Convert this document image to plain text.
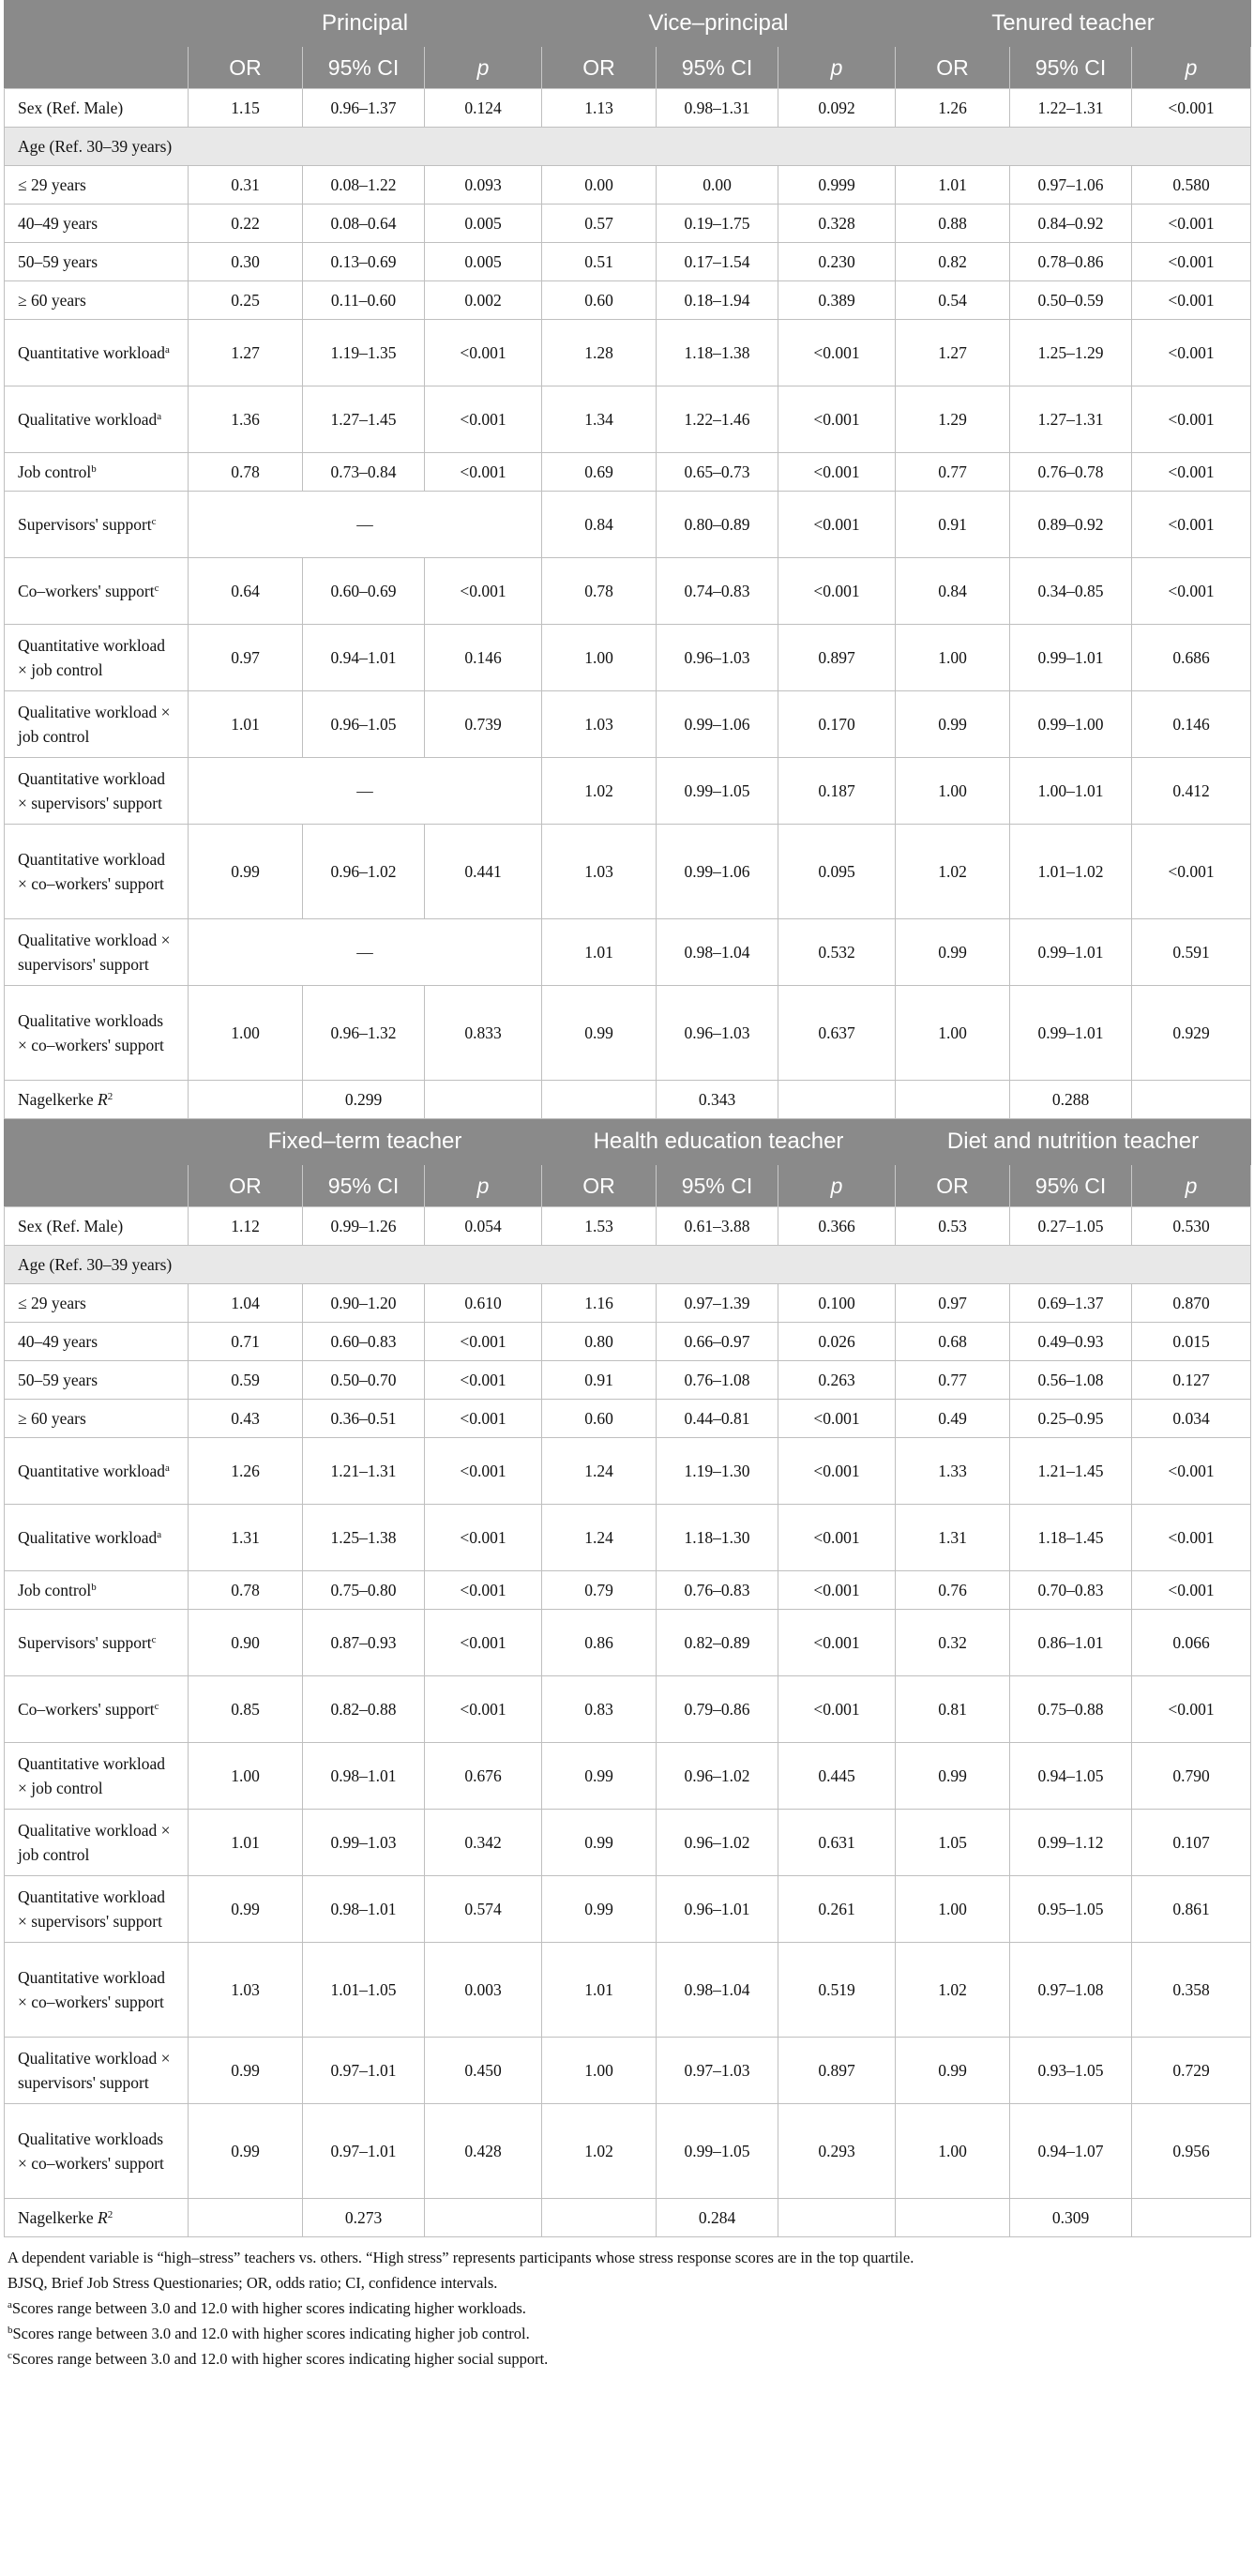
	Principal			Vice–principal			Tenured teacher		
	OR	95% CI	p	OR	95% CI	p	OR	95% CI	p
Sex (Ref. Male)	1.15	0.96–1.37	0.124	1.13	0.98–1.31	0.092	1.26	1.22–1.31	<0.001
Age (Ref. 30–39 years)									
≤ 29 years	0.31	0.08–1.22	0.093	0.00	0.00	0.999	1.01	0.97–1.06	0.580
40–49 years	0.22	0.08–0.64	0.005	0.57	0.19–1.75	0.328	0.88	0.84–0.92	<0.001
50–59 years	0.30	0.13–0.69	0.005	0.51	0.17–1.54	0.230	0.82	0.78–0.86	<0.001
≥ 60 years	0.25	0.11–0.60	0.002	0.60	0.18–1.94	0.389	0.54	0.50–0.59	<0.001
Quantitative workload$^a$	1.27	1.19–1.35	<0.001	1.28	1.18–1.38	<0.001	1.27	1.25–1.29	<0.001
Qualitative workload$^a$	1.36	1.27–1.45	<0.001	1.34	1.22–1.46	<0.001	1.29	1.27–1.31	<0.001
Job control$^b$	0.78	0.73–0.84	<0.001	0.69	0.65–0.73	<0.001	0.77	0.76–0.78	<0.001
Supervisors' support$^c$	—			0.84	0.80–0.89	<0.001	0.91	0.89–0.92	<0.001
Co–workers' support$^c$	0.64	0.60–0.69	<0.001	0.78	0.74–0.83	<0.001	0.84	0.34–0.85	<0.001
Quantitative workload × job control	0.97	0.94–1.01	0.146	1.00	0.96–1.03	0.897	1.00	0.99–1.01	0.686
Qualitative workload × job control	1.01	0.96–1.05	0.739	1.03	0.99–1.06	0.170	0.99	0.99–1.00	0.146
Quantitative workload × supervisors' support	—			1.02	0.99–1.05	0.187	1.00	1.00–1.01	0.412
Quantitative workload × co–workers' support	0.99	0.96–1.02	0.441	1.03	0.99–1.06	0.095	1.02	1.01–1.02	<0.001
Qualitative workload × supervisors' support	—			1.01	0.98–1.04	0.532	0.99	0.99–1.01	0.591
Qualitative workloads × co–workers' support	1.00	0.96–1.32	0.833	0.99	0.96–1.03	0.637	1.00	0.99–1.01	0.929
Nagelkerke $R^2$		0.299			0.343			0.288	
	Fixed–term teacher			Health education teacher			Diet and nutrition teacher		
	OR	95% CI	p	OR	95% CI	p	OR	95% CI	p
Sex (Ref. Male)	1.12	0.99–1.26	0.054	1.53	0.61–3.88	0.366	0.53	0.27–1.05	0.530
Age (Ref. 30–39 years)									
≤ 29 years	1.04	0.90–1.20	0.610	1.16	0.97–1.39	0.100	0.97	0.69–1.37	0.870
40–49 years	0.71	0.60–0.83	<0.001	0.80	0.66–0.97	0.026	0.68	0.49–0.93	0.015
50–59 years	0.59	0.50–0.70	<0.001	0.91	0.76–1.08	0.263	0.77	0.56–1.08	0.127
≥ 60 years	0.43	0.36–0.51	<0.001	0.60	0.44–0.81	<0.001	0.49	0.25–0.95	0.034
Quantitative workload$^a$	1.26	1.21–1.31	<0.001	1.24	1.19–1.30	<0.001	1.33	1.21–1.45	<0.001
Qualitative workload$^a$	1.31	1.25–1.38	<0.001	1.24	1.18–1.30	<0.001	1.31	1.18–1.45	<0.001
Job control$^b$	0.78	0.75–0.80	<0.001	0.79	0.76–0.83	<0.001	0.76	0.70–0.83	<0.001
Supervisors' support$^c$	0.90	0.87–0.93	<0.001	0.86	0.82–0.89	<0.001	0.32	0.86–1.01	0.066
Co–workers' support$^c$	0.85	0.82–0.88	<0.001	0.83	0.79–0.86	<0.001	0.81	0.75–0.88	<0.001
Quantitative workload × job control	1.00	0.98–1.01	0.676	0.99	0.96–1.02	0.445	0.99	0.94–1.05	0.790
Qualitative workload × job control	1.01	0.99–1.03	0.342	0.99	0.96–1.02	0.631	1.05	0.99–1.12	0.107
Quantitative workload × supervisors' support	0.99	0.98–1.01	0.574	0.99	0.96–1.01	0.261	1.00	0.95–1.05	0.861
Quantitative workload × co–workers' support	1.03	1.01–1.05	0.003	1.01	0.98–1.04	0.519	1.02	0.97–1.08	0.358
Qualitative workload × supervisors' support	0.99	0.97–1.01	0.450	1.00	0.97–1.03	0.897	0.99	0.93–1.05	0.729
Qualitative workloads × co–workers' support	0.99	0.97–1.01	0.428	1.02	0.99–1.05	0.293	1.00	0.94–1.07	0.956
Nagelkerke $R^2$		0.273			0.284			0.309	
A dependent variable is “high–stress” teachers vs. others. “High stress” represents participants whose stress response scores are in the top quartile.
BJSQ, Brief Job Stress Questionaries; OR, odds ratio; CI, confidence intervals.
$^a$Scores range between 3.0 and 12.0 with higher scores indicating higher workloads.
$^b$Scores range between 3.0 and 12.0 with higher scores indicating higher job control.
$^c$Scores range between 3.0 and 12.0 with higher scores indicating higher social support.
